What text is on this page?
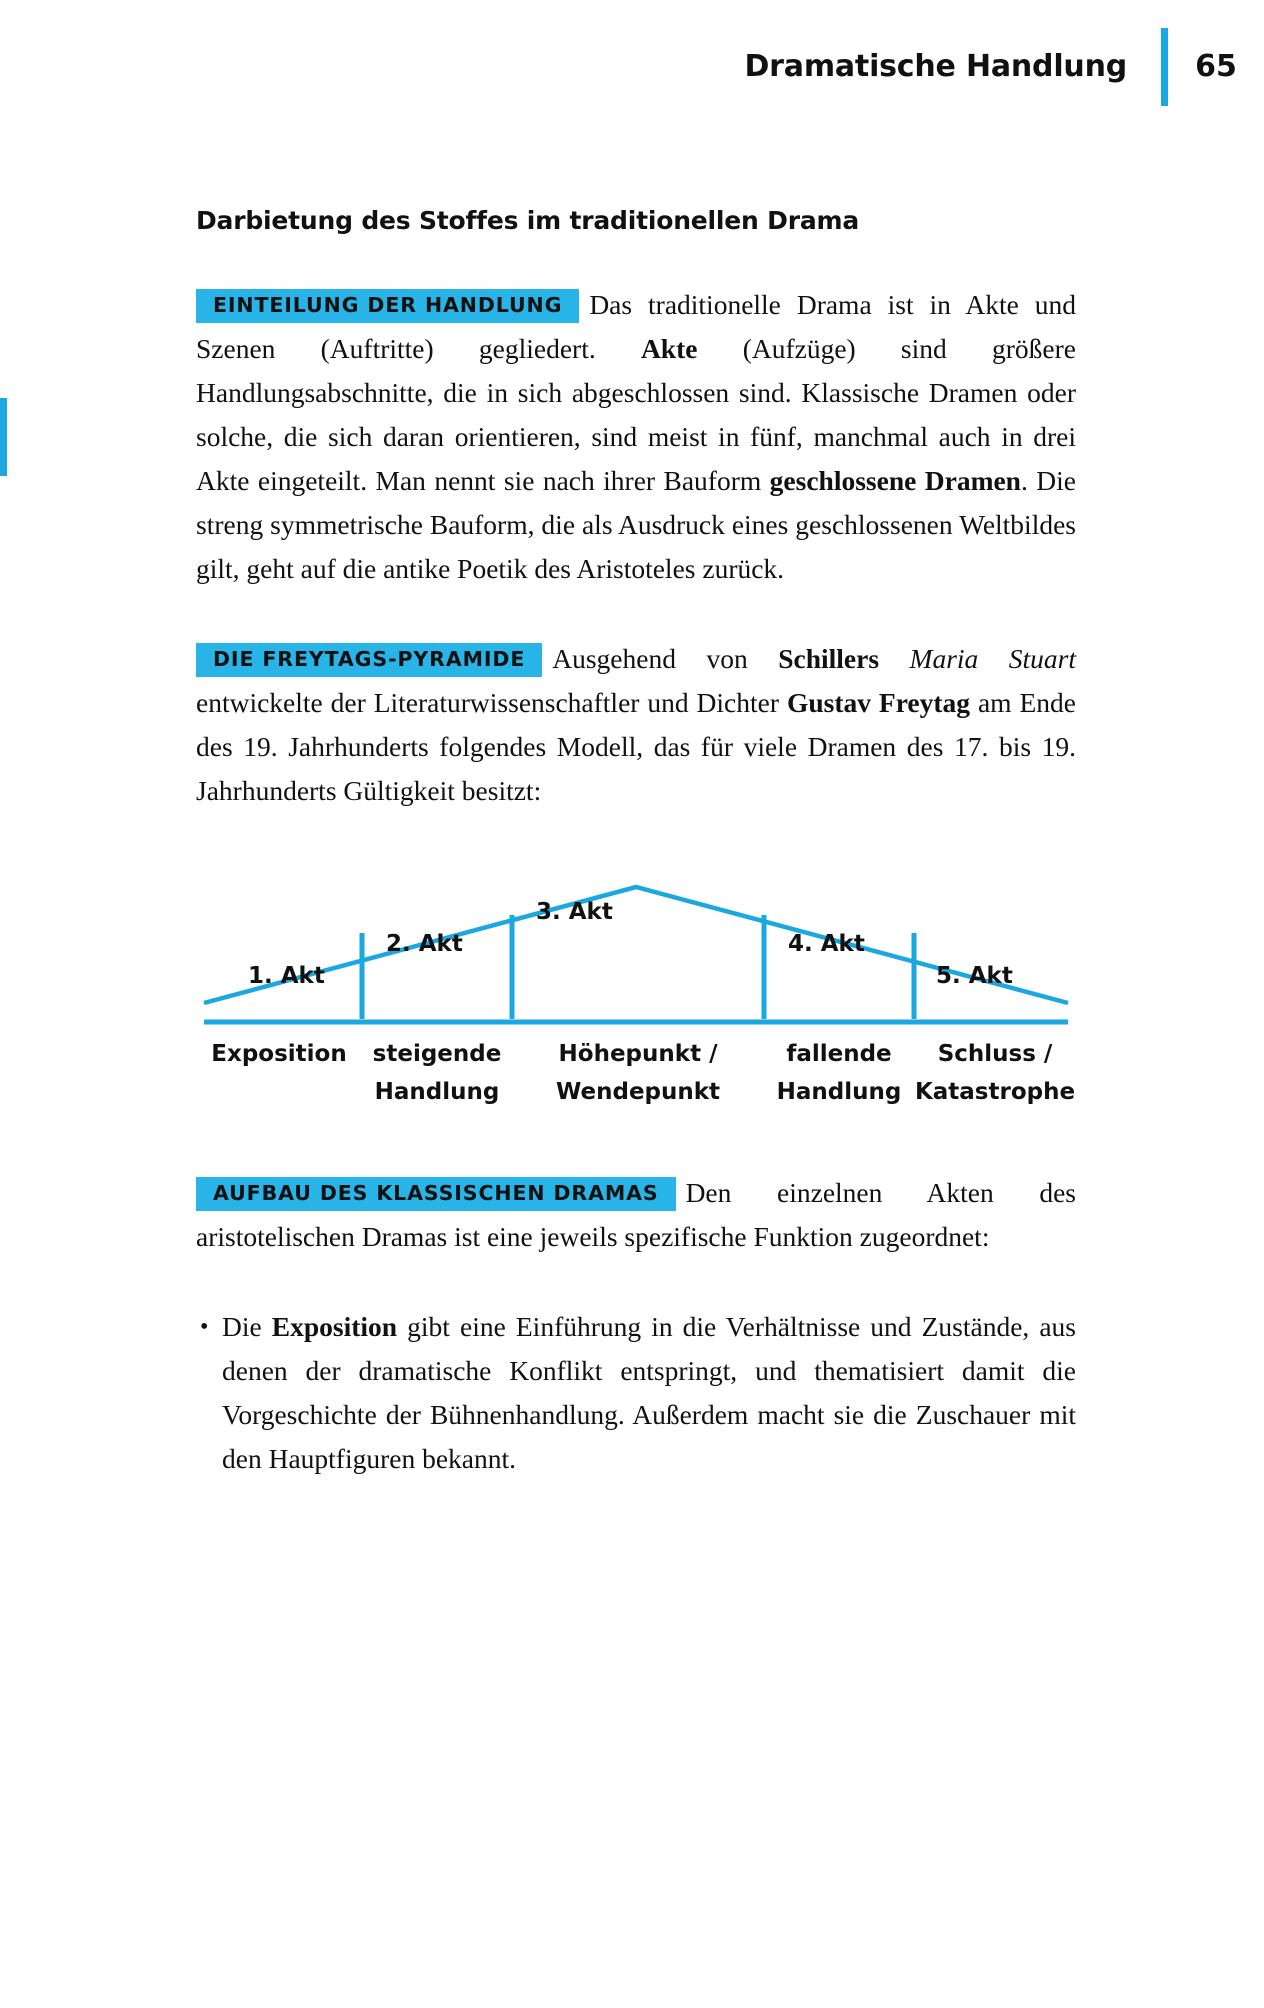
Dramatische Handlung	65
Darbietung des Stoffes im traditionellen Drama

EINTEILUNG DER HANDLUNG Das traditionelle Drama ist in Akte und Szenen (Auftritte) gegliedert. Akte (Aufzüge) sind größere Handlungsabschnitte, die in sich abgeschlossen sind. Klassische Dramen oder solche, die sich daran orientieren, sind meist in fünf, manchmal auch in drei Akte eingeteilt. Man nennt sie nach ihrer Bauform geschlossene Dramen. Die streng symmetrische Bauform, die als Ausdruck eines geschlossenen Weltbildes gilt, geht auf die antike Poetik des Aristoteles zurück.

DIE FREYTAGS-PYRAMIDE Ausgehend von Schillers Maria Stuart entwickelte der Literaturwissenschaftler und Dichter Gustav Freytag am Ende des 19. Jahrhunderts folgendes Modell, das für viele Dramen des 17. bis 19. Jahrhunderts Gültigkeit besitzt:

1. Akt
2. Akt
3. Akt
4. Akt
5. Akt
Exposition	steigende
Handlung
Höhepunkt /
Wendepunkt
fallende
Handlung
Schluss /
Katastrophe

AUFBAU DES KLASSISCHEN DRAMAS Den einzelnen Akten des aristotelischen Dramas ist eine jeweils spezifische Funktion zugeordnet:

• Die Exposition gibt eine Einführung in die Verhältnisse und Zustände, aus denen der dramatische Konflikt entspringt, und thematisiert damit die Vorgeschichte der Bühnenhandlung. Außerdem macht sie die Zuschauer mit den Hauptfiguren bekannt.
